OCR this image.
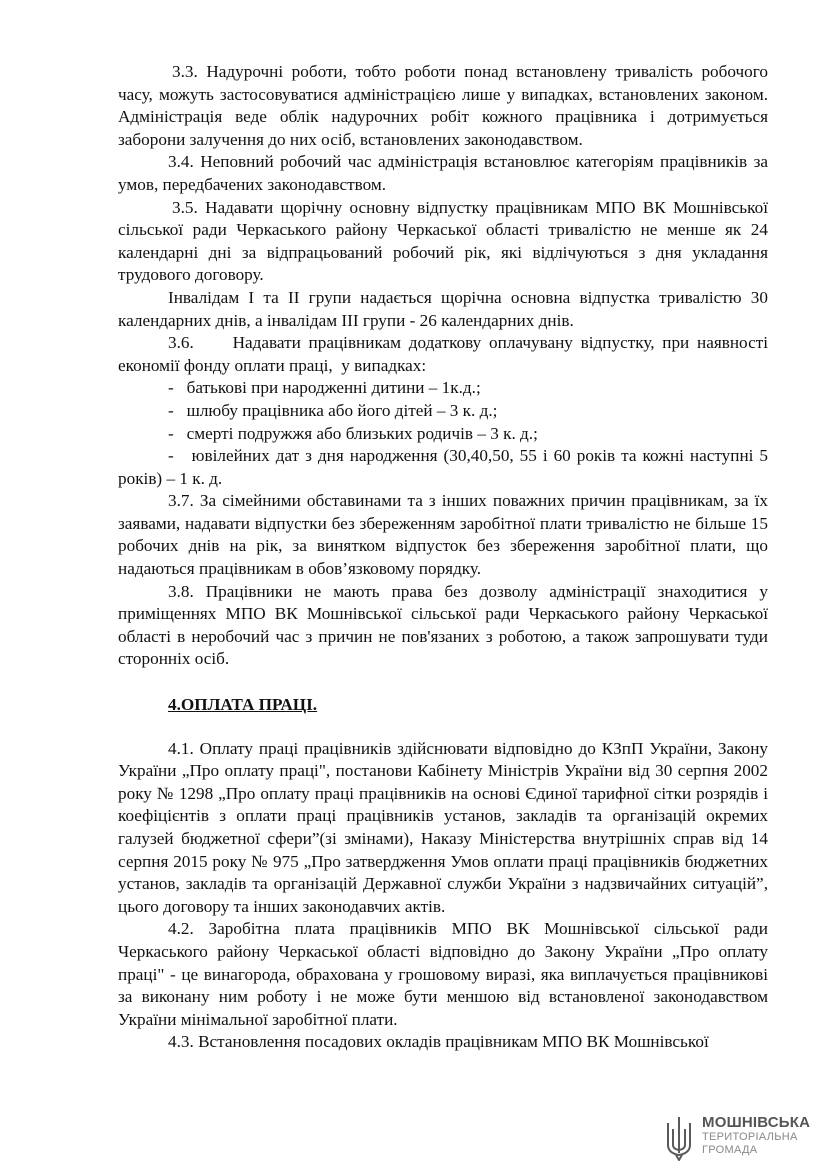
3.3. Надурочні роботи, тобто роботи понад встановлену тривалість робочого часу, можуть застосовуватися адміністрацією лише у випадках, встановлених законом. Адміністрація веде облік надурочних робіт кожного працівника і дотримується заборони залучення до них осіб, встановлених законодавством.

3.4. Неповний робочий час адміністрація встановлює категоріям працівників за умов, передбачених законодавством.

3.5. Надавати щорічну основну відпустку працівникам МПО ВК Мошнівської сільської ради Черкаського району Черкаської області тривалістю не менше як 24 календарні дні за відпрацьований робочий рік, які відлічуються з дня укладання трудового договору.

Інвалідам І та ІІ групи надається щорічна основна відпустка тривалістю 30 календарних днів, а інвалідам ІІІ групи - 26 календарних днів.

3.6.     Надавати працівникам додаткову оплачувану відпустку, при наявності економії фонду оплати праці,  у випадках:

-   батькові при народженні дитини – 1к.д.;

-   шлюбу працівника або його дітей – 3 к. д.;

-   смерті подружжя або близьких родичів – 3 к. д.;

-   ювілейних дат з дня народження (30,40,50, 55 і 60 років та кожні наступні 5 років) – 1 к. д.

3.7. За сімейними обставинами та з інших поважних причин працівникам, за їх заявами, надавати відпустки без збереженням заробітної плати тривалістю не більше 15 робочих днів на рік, за винятком відпусток без збереження заробітної плати, що надаються працівникам в обов’язковому порядку.

3.8. Працівники не мають права без дозволу адміністрації знаходитися у приміщеннях МПО ВК Мошнівської сільської ради Черкаського району Черкаської області в неробочий час з причин не пов'язаних з роботою, а також запрошувати туди сторонніх осіб.

4.ОПЛАТА ПРАЦІ.

4.1. Оплату праці працівників здійснювати відповідно до КЗпП України, Закону України „Про оплату праці", постанови Кабінету Міністрів України від 30 серпня 2002 року № 1298 „Про оплату праці працівників на основі Єдиної тарифної сітки розрядів і коефіцієнтів з оплати праці працівників установ, закладів та організацій окремих галузей бюджетної сфери”(зі змінами), Наказу Міністерства внутрішніх справ від 14 серпня 2015 року № 975 „Про затвердження Умов оплати праці працівників бюджетних установ, закладів та організацій Державної служби України з надзвичайних ситуацій”, цього договору та інших законодавчих актів.

4.2. Заробітна плата працівників МПО ВК Мошнівської сільської ради Черкаського району Черкаської області відповідно до Закону України „Про оплату праці" - це винагорода, обрахована у грошовому виразі, яка виплачується працівникові за виконану ним роботу і не може бути меншою від встановленої законодавством України мінімальної заробітної плати.

4.3. Встановлення посадових окладів працівникам МПО ВК Мошнівської

МОШНІВСЬКА
ТЕРИТОРІАЛЬНА
ГРОМАДА
